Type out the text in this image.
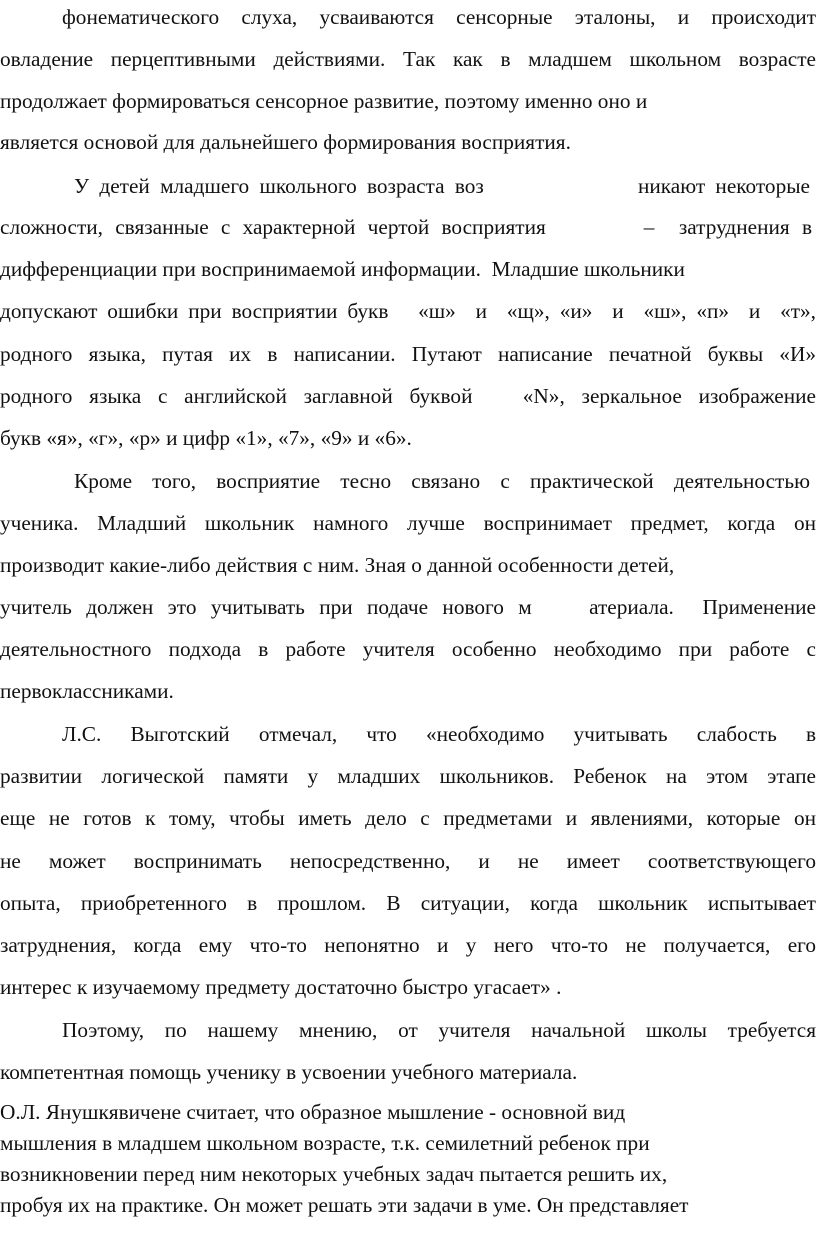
фонематического слуха, усваиваются сенсорные эталоны, и происходит
овладение перцептивными действиями. Так как в младшем школьном возрасте
продолжает формироваться сенсорное развитие, поэтому именно оно и
является основой для дальнейшего формирования восприятия.
У детей младшего школьного возраста воз               никают некоторые
сложности, связанные с характерной чертой восприятия        –  затруднения в
дифференциации при воспринимаемой информации.  Младшие школьники
допускают ошибки при восприятии букв   «ш»  и  «щ», «и»  и  «ш», «п»  и  «т»,
родного языка, путая их в написании. Путают написание печатной буквы «И»
родного языка с английской заглавной буквой   «N», зеркальное изображение
букв «я», «г», «р» и цифр «1», «7», «9» и «6».
Кроме того, восприятие тесно связано с практической деятельностью
ученика. Младший школьник намного лучше воспринимает предмет, когда он
производит какие-либо действия с ним. Зная о данной особенности детей,
учитель должен это учитывать при подаче нового м    атериала.  Применение
деятельностного подхода в работе учителя особенно необходимо при работе с
первоклассниками.
Л.С. Выготский отмечал, что «необходимо учитывать слабость в
развитии логической памяти у младших школьников. Ребенок на этом этапе
еще не готов к тому, чтобы иметь дело с предметами и явлениями, которые он
не может воспринимать непосредственно, и не имеет соответствующего
опыта, приобретенного в прошлом. В ситуации, когда школьник испытывает
затруднения, когда ему что-то непонятно и у него что-то не получается, его
интерес к изучаемому предмету достаточно быстро угасает» .
Поэтому, по нашему мнению, от учителя начальной школы требуется
компетентная помощь ученику в усвоении учебного материала.
О.Л. Янушкявичене считает, что образное мышление - основной вид
мышления в младшем школьном возрасте, т.к. семилетний ребенок при
возникновении перед ним некоторых учебных задач пытается решить их,
пробуя их на практике. Он может решать эти задачи в уме. Он представляет
